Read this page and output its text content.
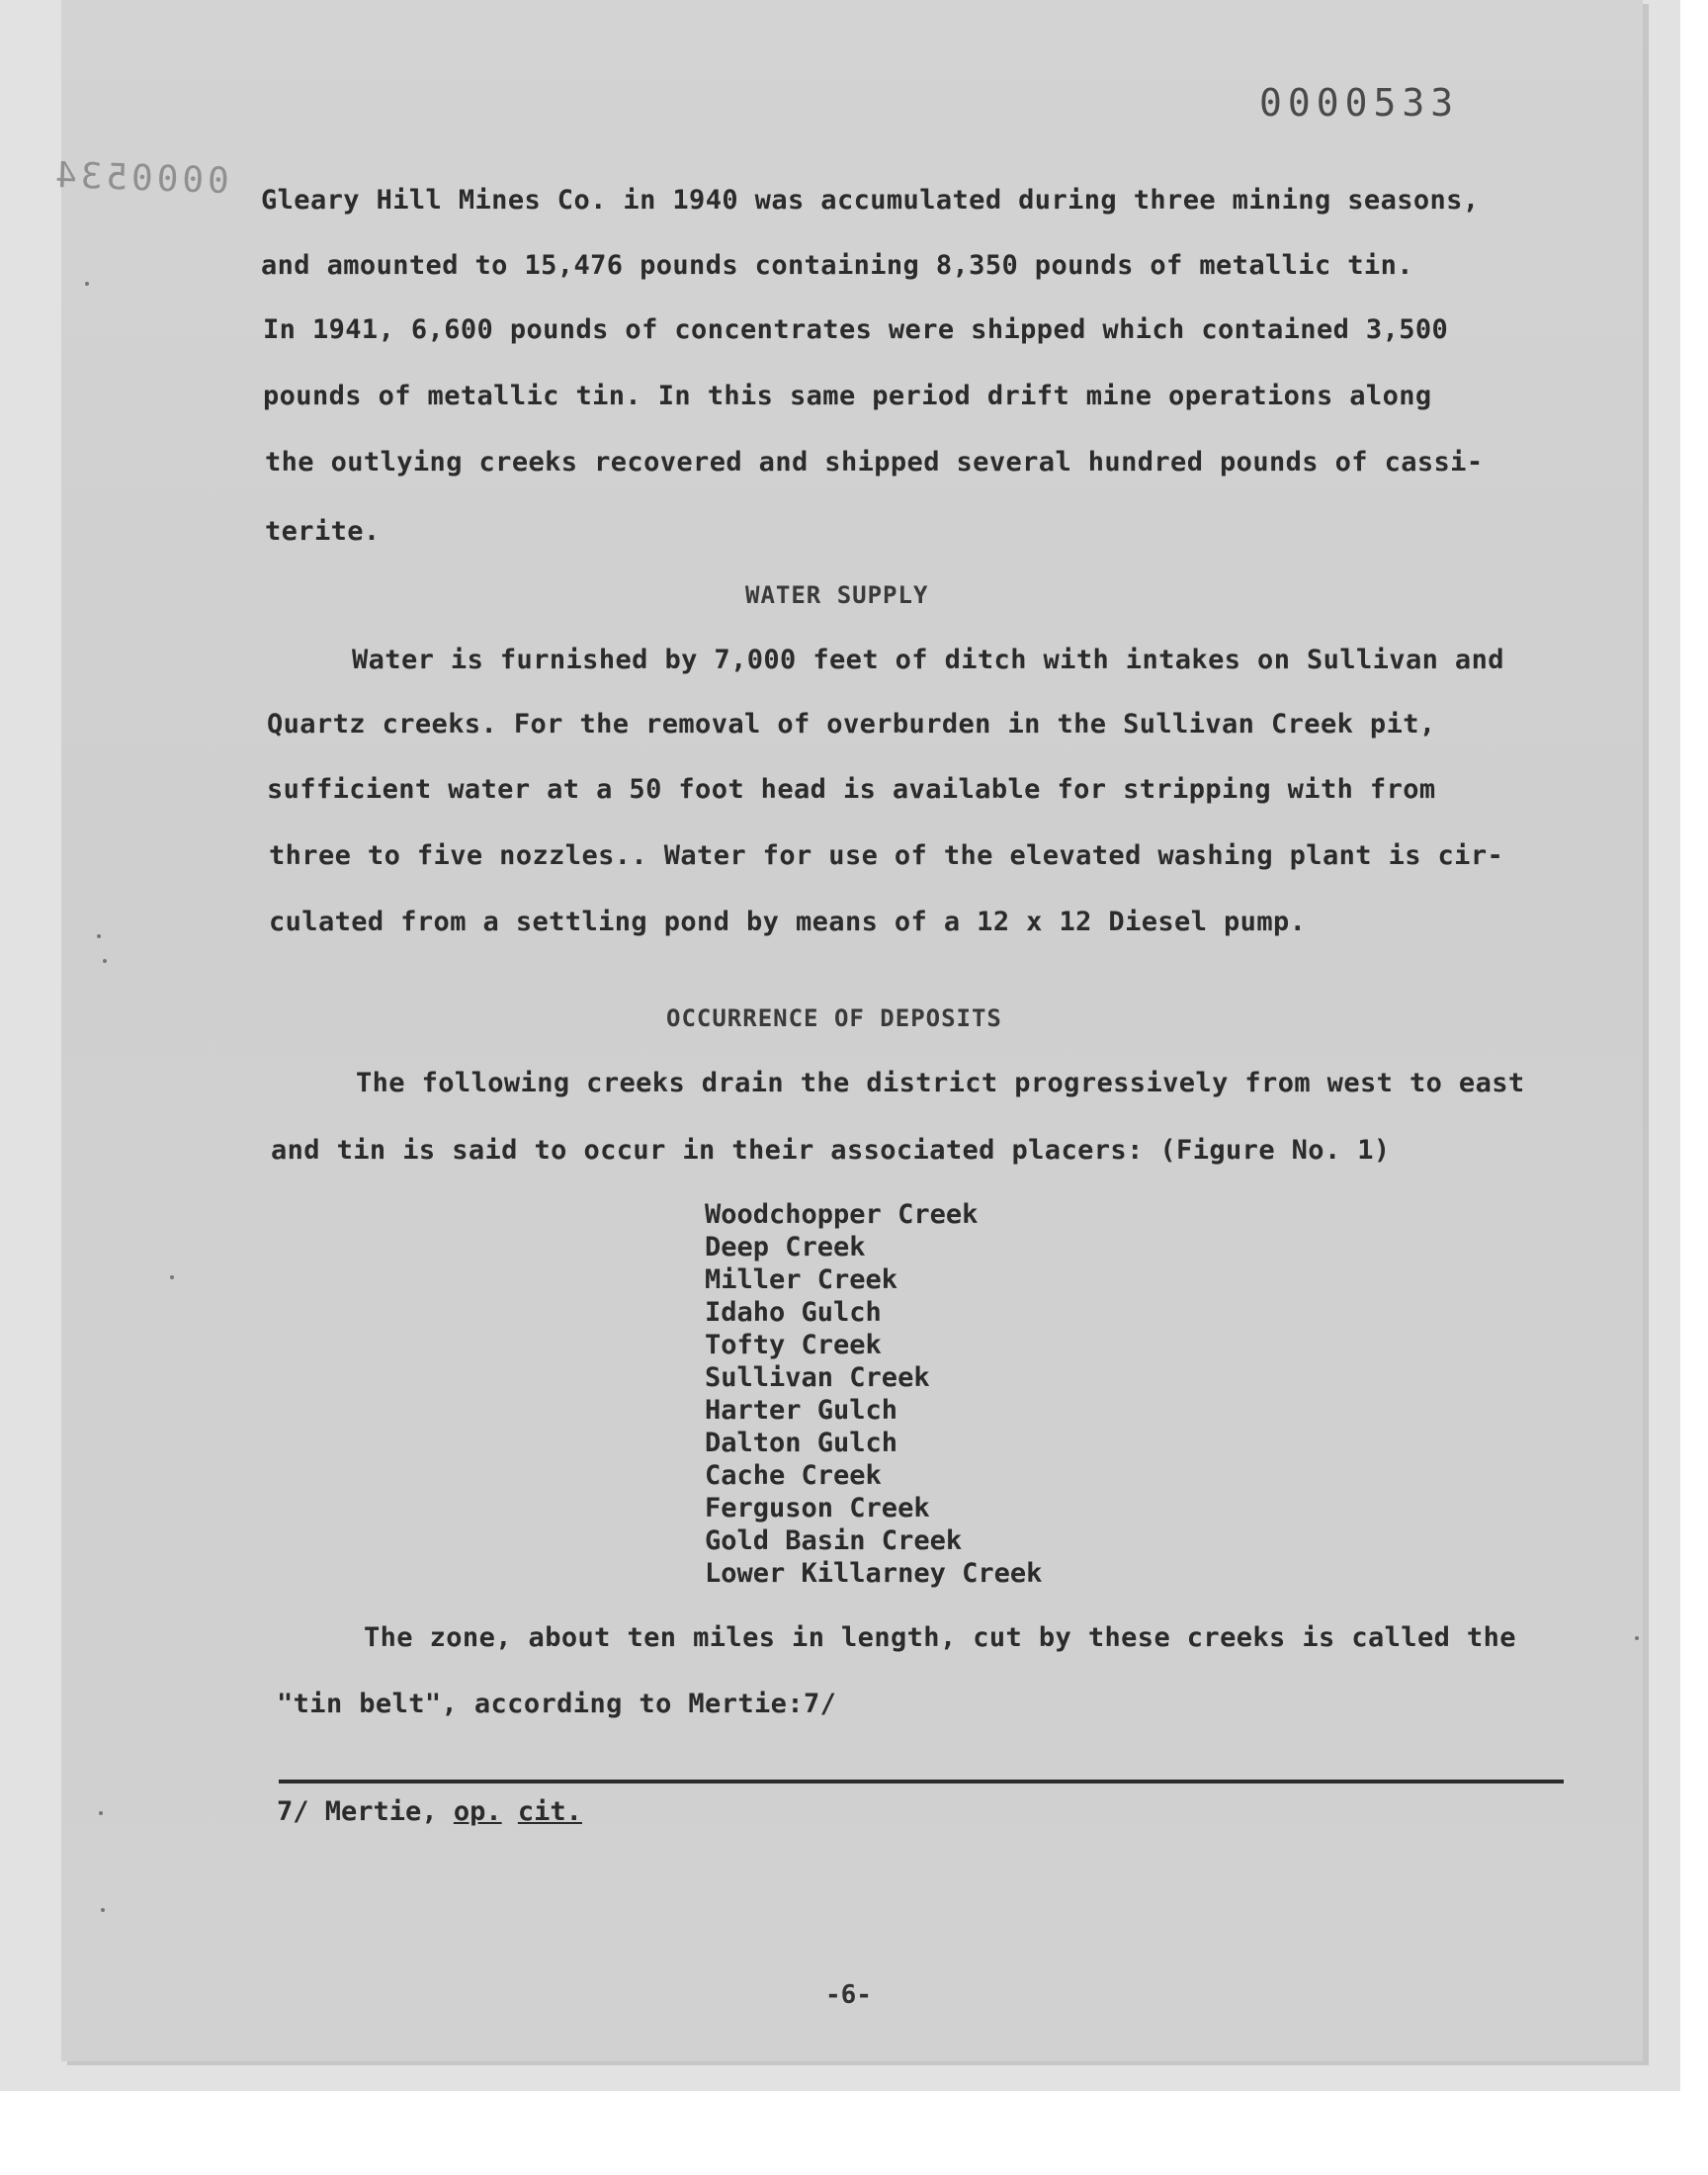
0000533
0000534 Gleary Hill Mines Co. in 1940 was accumulated during three mining seasons,
and amounted to 15,476 pounds containing 8,350 pounds of metallic tin.
In 1941, 6,600 pounds of concentrates were shipped which contained 3,500
pounds of metallic tin. In this same period drift mine operations along
the outlying creeks recovered and shipped several hundred pounds of cassi-
terite.
WATER SUPPLY
Water is furnished by 7,000 feet of ditch with intakes on Sullivan and
Quartz creeks. For the removal of overburden in the Sullivan Creek pit,
sufficient water at a 50 foot head is available for stripping with from
three to five nozzles.. Water for use of the elevated washing plant is cir-
culated from a settling pond by means of a 12 x 12 Diesel pump.
OCCURRENCE OF DEPOSITS
The following creeks drain the district progressively from west to east
and tin is said to occur in their associated placers: (Figure No. 1)
Woodchopper Creek
Deep Creek
Miller Creek
Idaho Gulch
Tofty Creek
Sullivan Creek
Harter Gulch
Dalton Gulch
Cache Creek
Ferguson Creek
Gold Basin Creek
Lower Killarney Creek
The zone, about ten miles in length, cut by these creeks is called the
"tin belt", according to Mertie:7/
7/ Mertie, op. cit.
-6-
